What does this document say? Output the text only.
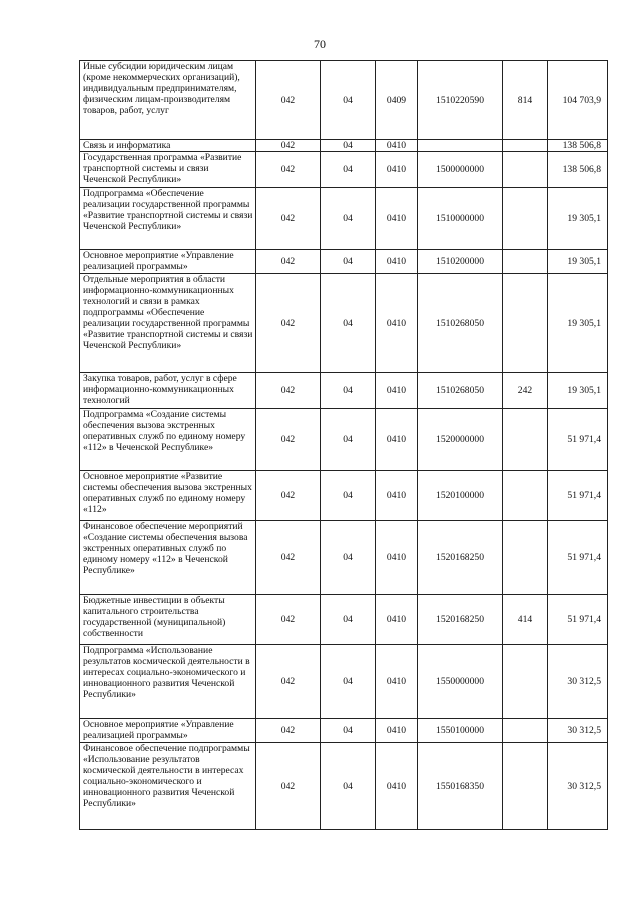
70
Иные субсидии юридическим лицам (кроме некоммерческих организаций), индивидуальным предпринимателям, физическим лицам-производителям товаров, работ, услуг	042	04	0409	1510220590	814	104 703,9
Связь и информатика	042	04	0410			138 506,8
Государственная программа «Развитие транспортной системы и связи Чеченской Республики»	042	04	0410	1500000000		138 506,8
Подпрограмма «Обеспечение реализации государственной программы «Развитие транспортной системы и связи Чеченской Республики»	042	04	0410	1510000000		19 305,1
Основное мероприятие «Управление реализацией программы»	042	04	0410	1510200000		19 305,1
Отдельные мероприятия в области информационно-коммуникационных технологий и связи в рамках подпрограммы «Обеспечение реализации государственной программы «Развитие транспортной системы и связи Чеченской Республики»	042	04	0410	1510268050		19 305,1
Закупка товаров, работ, услуг в сфере информационно-коммуникационных технологий	042	04	0410	1510268050	242	19 305,1
Подпрограмма «Создание системы обеспечения вызова экстренных оперативных служб по единому номеру «112» в Чеченской Республике»	042	04	0410	1520000000		51 971,4
Основное мероприятие «Развитие системы обеспечения вызова экстренных оперативных служб по единому номеру «112»	042	04	0410	1520100000		51 971,4
Финансовое обеспечение мероприятий «Создание системы обеспечения вызова экстренных оперативных служб по единому номеру «112» в Чеченской Республике»	042	04	0410	1520168250		51 971,4
Бюджетные инвестиции в объекты капитального строительства государственной (муниципальной) собственности	042	04	0410	1520168250	414	51 971,4
Подпрограмма «Использование результатов космической деятельности в интересах социально-экономического и инновационного развития Чеченской Республики»	042	04	0410	1550000000		30 312,5
Основное мероприятие «Управление реализацией программы»	042	04	0410	1550100000		30 312,5
Финансовое обеспечение подпрограммы «Использование результатов космической деятельности в интересах социально-экономического и инновационного развития Чеченской Республики»	042	04	0410	1550168350		30 312,5
